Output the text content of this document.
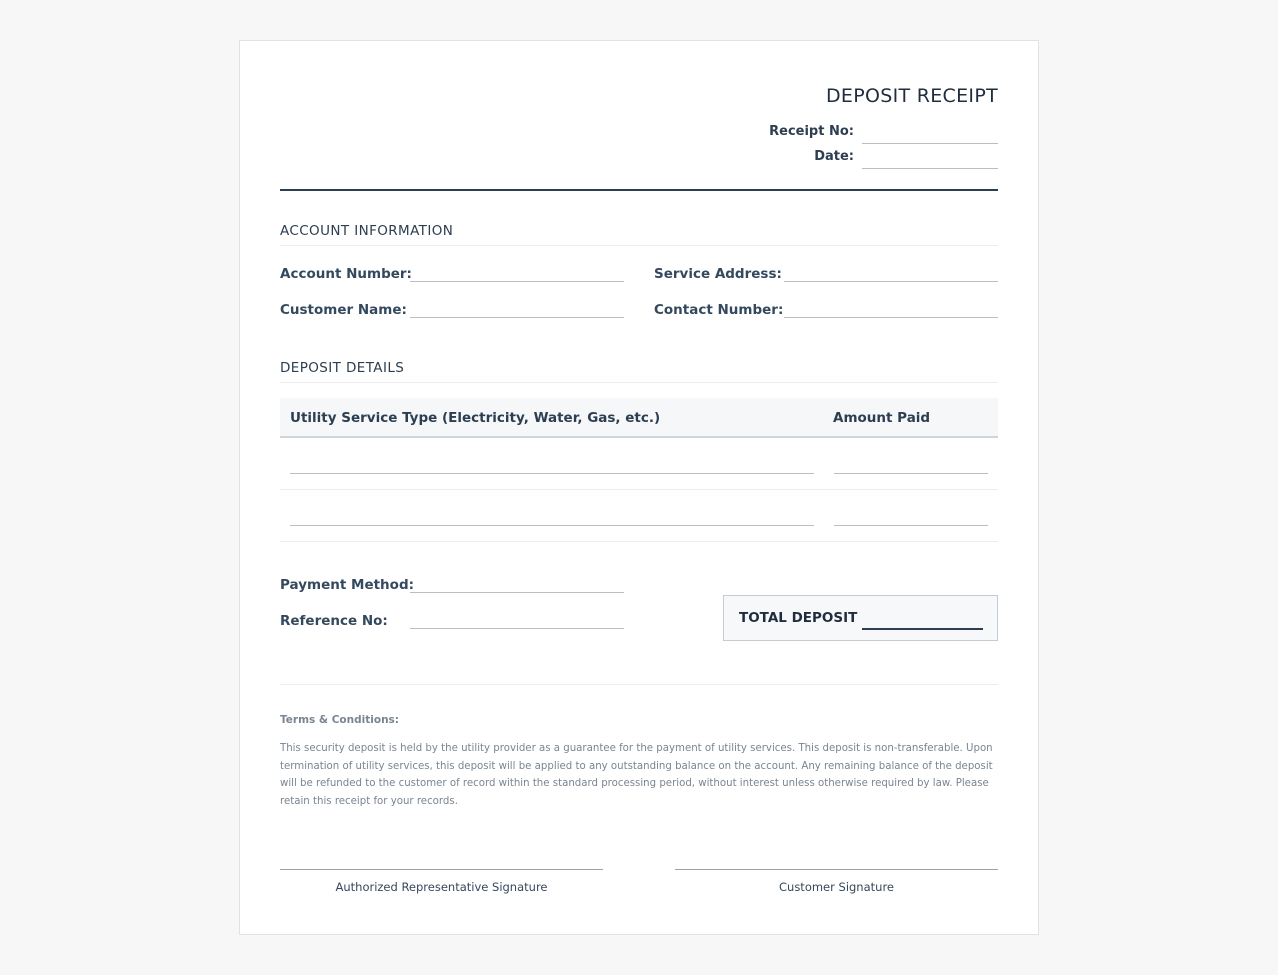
DEPOSIT RECEIPT
Receipt No:
Date:
ACCOUNT INFORMATION
Account Number:	Service Address:
Customer Name:	Contact Number:
DEPOSIT DETAILS
Utility Service Type (Electricity, Water, Gas, etc.)	Amount Paid
Payment Method:
Reference No:	TOTAL DEPOSIT
Terms & Conditions:
This security deposit is held by the utility provider as a guarantee for the payment of utility services. This deposit is non-transferable. Upon termination of utility services, this deposit will be applied to any outstanding balance on the account. Any remaining balance of the deposit will be refunded to the customer of record within the standard processing period, without interest unless otherwise required by law. Please retain this receipt for your records.
Authorized Representative Signature	Customer Signature
